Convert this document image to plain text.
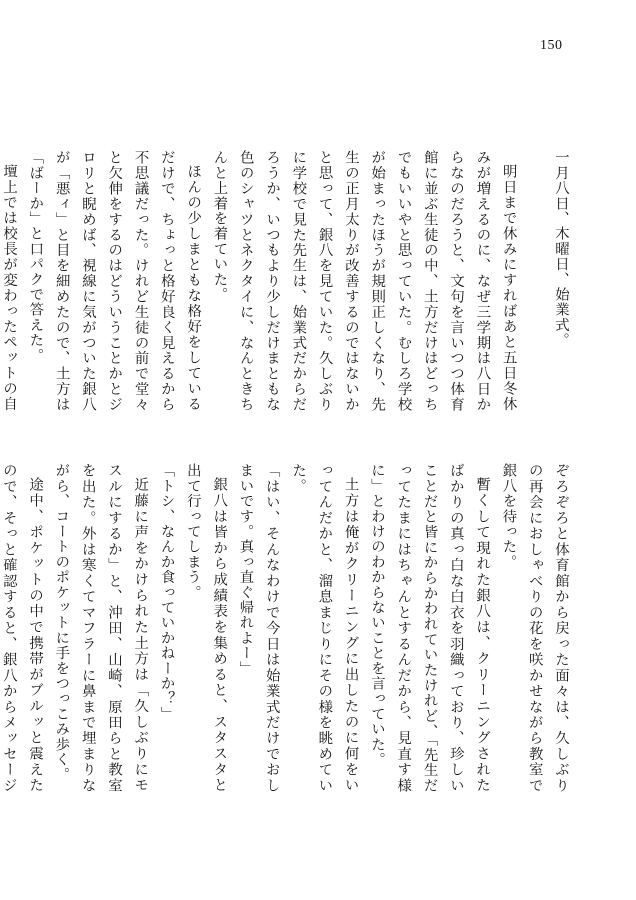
150

一月八日、木曜日、始業式。

明日まで休みにすればあと五日冬休みが増えるのに、なぜ三学期は八日からなのだろうと、文句を言いつつ体育館に並ぶ生徒の中、土方だけはどっちでもいいやと思っていた。むしろ学校が始まったほうが規則正しくなり、先生の正月太りが改善するのではないかと思って、銀八を見ていた。久しぶりに学校で見た先生は、始業式だからだろうか、いつもより少しだけまともな色のシャツとネクタイに、なんときちんと上着を着ていた。

ほんの少しまともな格好をしているだけで、ちょっと格好良く見えるから不思議だった。けれど生徒の前で堂々と欠伸をするのはどういうことかとジロリと睨めば、視線に気がついた銀八が「悪ィ」と目を細めたので、土方は「ばーか」と口パクで答えた。

壇上では校長が変わったペットの自

ぞろぞろと体育館から戻った面々は、久しぶりの再会におしゃべりの花を咲かせながら教室で銀八を待った。

暫くして現れた銀八は、クリーニングされたばかりの真っ白な白衣を羽織っており、珍しいことだと皆にからかわれていたけれど、「先生だってたまにはちゃんとするんだから、見直す様に」とわけのわからないことを言っていた。

土方は俺がクリーニングに出したのに何をいってんだかと、溜息まじりにその様を眺めていた。

「はい、そんなわけで今日は始業式だけでおしまいです。真っ直ぐ帰れよー」

銀八は皆から成績表を集めると、スタスタと出て行ってしまう。

「トシ、なんか食っていかねーか？」

近藤に声をかけられた土方は「久しぶりにモスルにするか」と、沖田、山崎、原田らと教室を出た。外は寒くてマフラーに鼻まで埋まりながら、コートのポケットに手をつっこみ歩く。

途中、ポケットの中で携帯がブルッと震えたので、そっと確認すると、銀八からメッセージ
